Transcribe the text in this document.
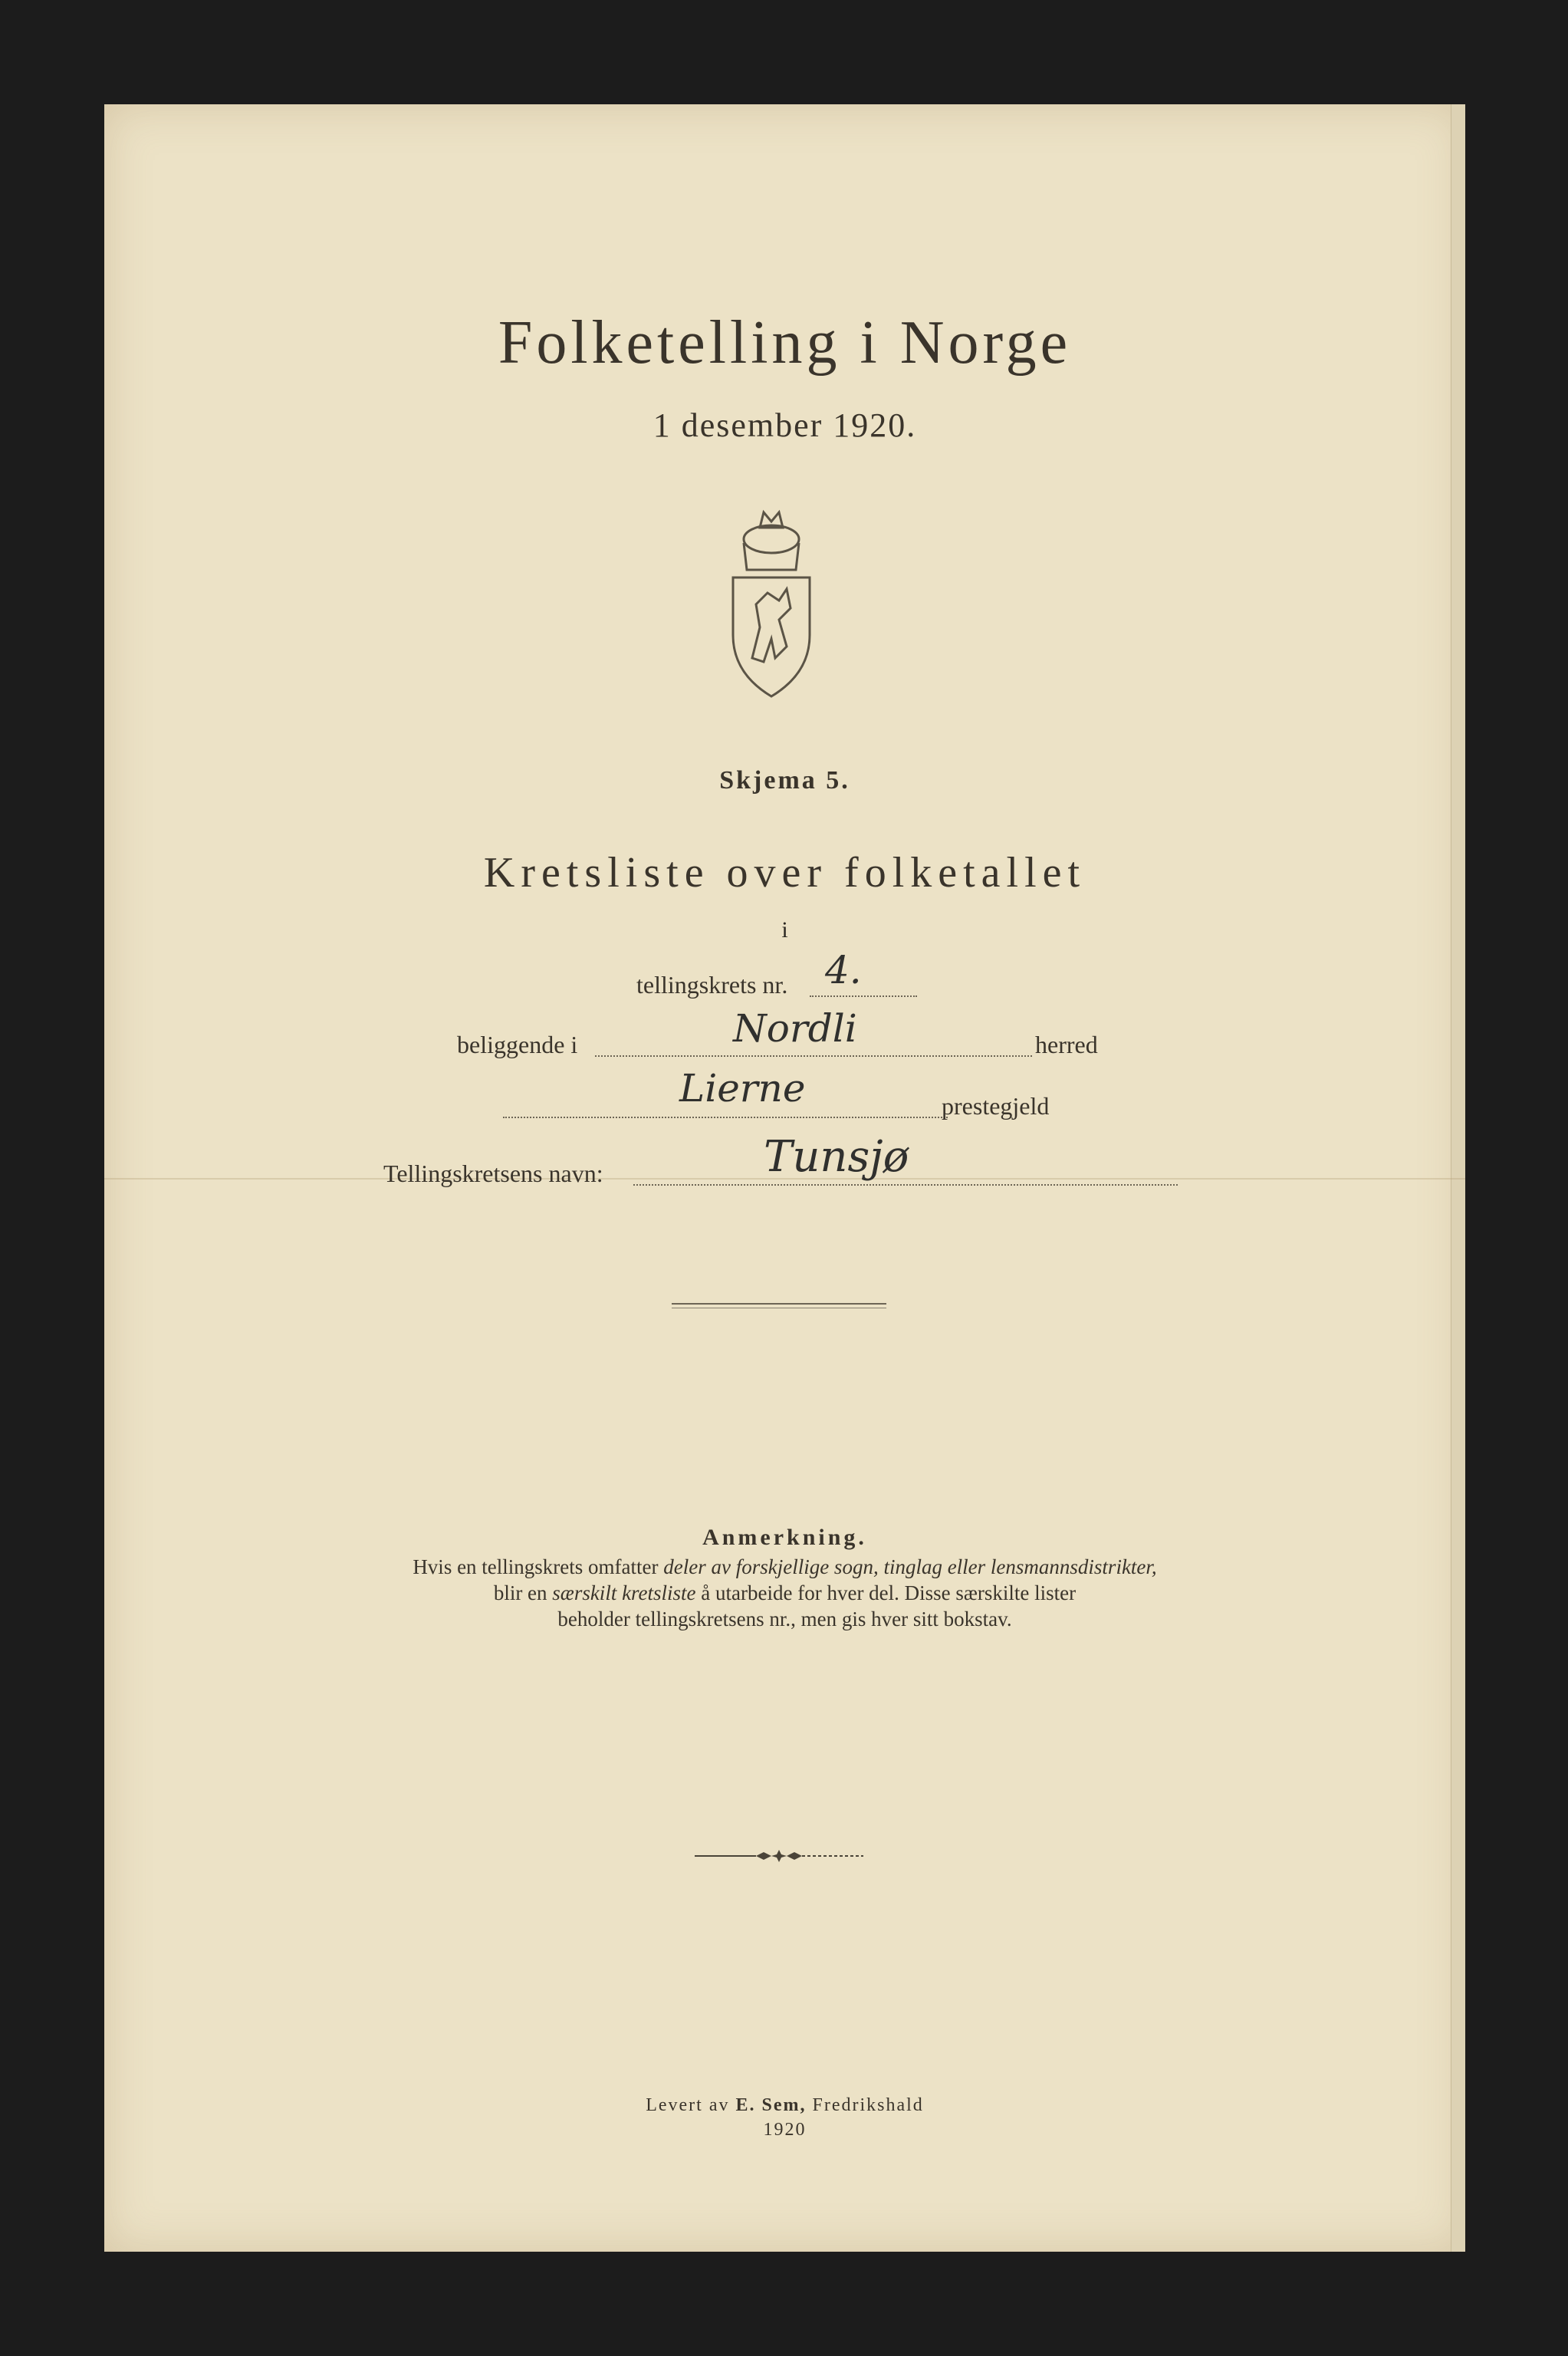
Folketelling i Norge
1 desember 1920.
Skjema 5.
Kretsliste over folketallet
i
tellingskrets nr. 4.
beliggende i	Nordli	herred
Lierne	prestegjeld
Tellingskretsens navn:	Tunsjø
Anmerkning.
Hvis en tellingskrets omfatter deler av forskjellige sogn, tinglag eller lensmannsdistrikter,
blir en særskilt kretsliste å utarbeide for hver del. Disse særskilte lister
beholder tellingskretsens nr., men gis hver sitt bokstav.
Levert av E. Sem, Fredrikshald
1920
